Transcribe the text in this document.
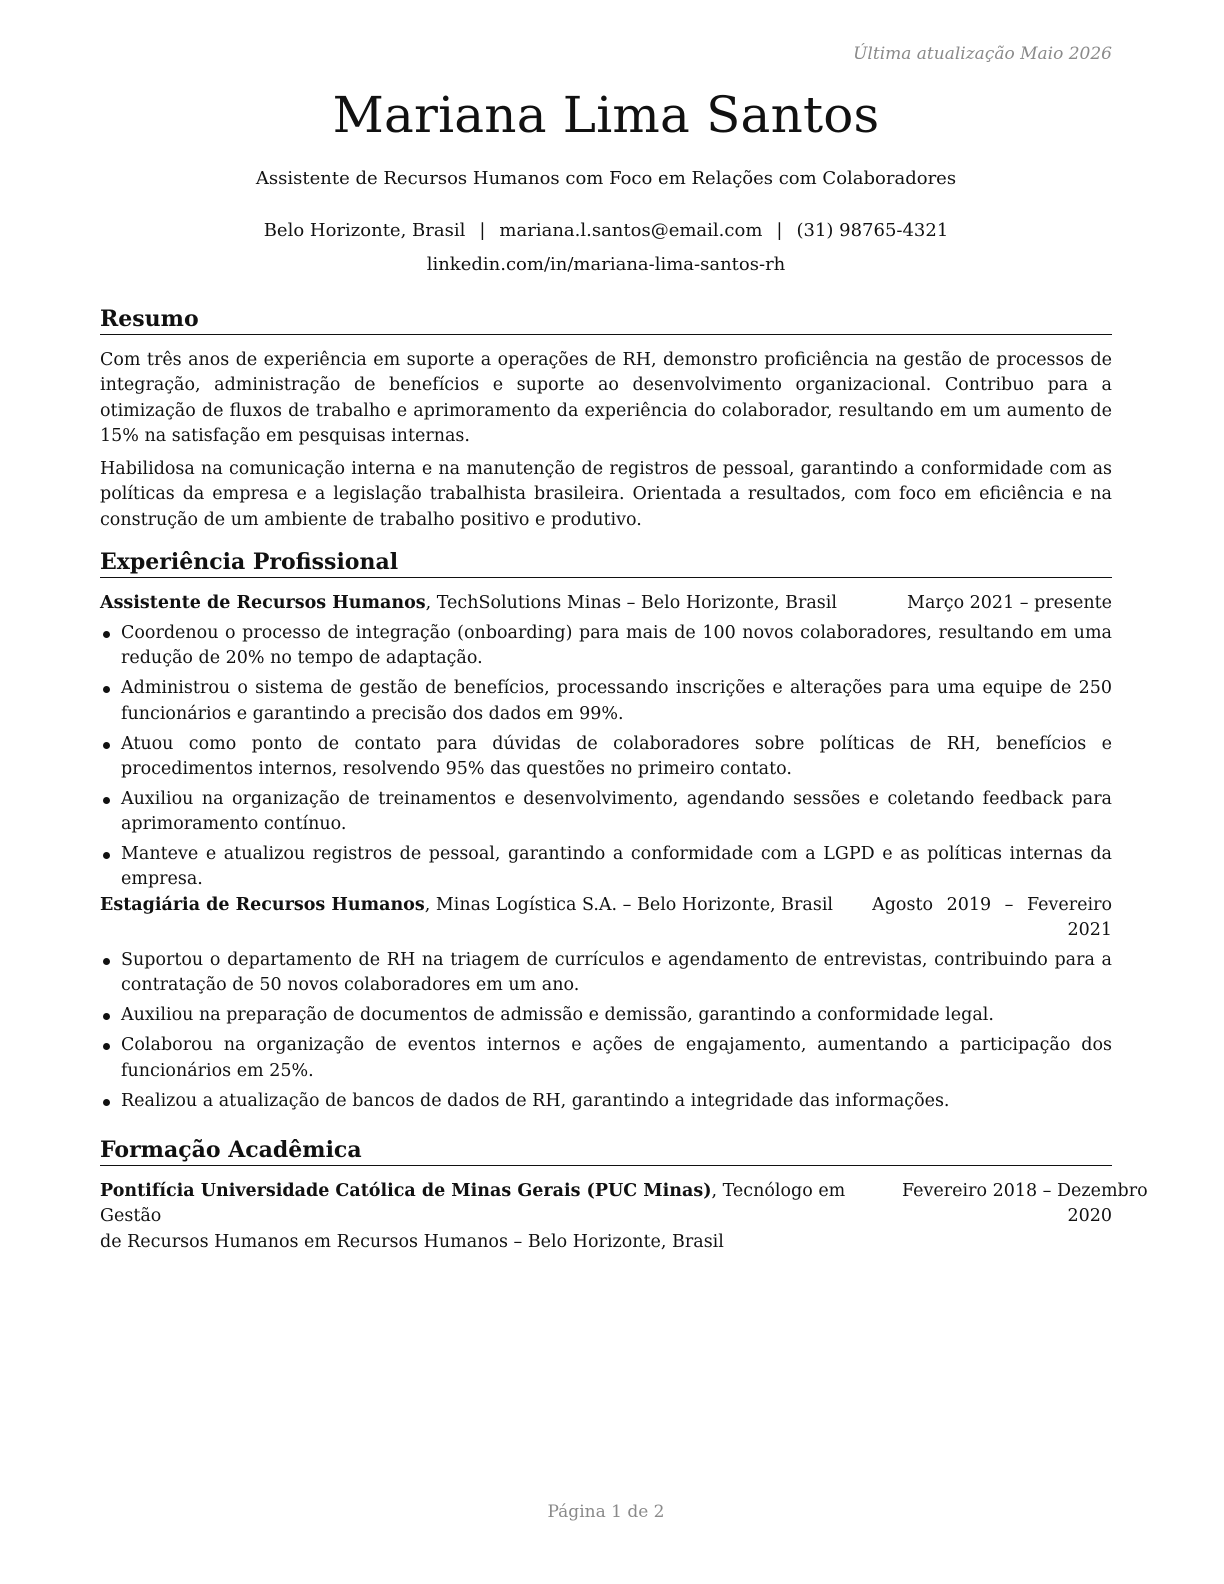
Última atualização Maio 2026
Mariana Lima Santos
Assistente de Recursos Humanos com Foco em Relações com Colaboradores
Belo Horizonte, Brasil | mariana.l.santos@email.com | (31) 98765-4321
linkedin.com/in/mariana-lima-santos-rh
Resumo
Com três anos de experiência em suporte a operações de RH, demonstro proficiência na gestão de processos de integração, administração de benefícios e suporte ao desenvolvimento organizacional. Contribuo para a otimização de fluxos de trabalho e aprimoramento da experiência do colaborador, resultando em um aumento de 15% na satisfação em pesquisas internas.
Habilidosa na comunicação interna e na manutenção de registros de pessoal, garantindo a conformidade com as políticas da empresa e a legislação trabalhista brasileira. Orientada a resultados, com foco em eficiência e na construção de um ambiente de trabalho positivo e produtivo.
Experiência Profissional
Assistente de Recursos Humanos, TechSolutions Minas – Belo Horizonte, Brasil	Março 2021 – presente
Coordenou o processo de integração (onboarding) para mais de 100 novos colaboradores, resultando em uma redução de 20% no tempo de adaptação.
Administrou o sistema de gestão de benefícios, processando inscrições e alterações para uma equipe de 250 funcionários e garantindo a precisão dos dados em 99%.
Atuou como ponto de contato para dúvidas de colaboradores sobre políticas de RH, benefícios e procedimentos internos, resolvendo 95% das questões no primeiro contato.
Auxiliou na organização de treinamentos e desenvolvimento, agendando sessões e coletando feedback para aprimoramento contínuo.
Manteve e atualizou registros de pessoal, garantindo a conformidade com a LGPD e as políticas internas da empresa.
Estagiária de Recursos Humanos, Minas Logística S.A. – Belo Horizonte, Brasil Agosto 2019 – Fevereiro
2021
Suportou o departamento de RH na triagem de currículos e agendamento de entrevistas, contribuindo para a contratação de 50 novos colaboradores em um ano.
Auxiliou na preparação de documentos de admissão e demissão, garantindo a conformidade legal.
Colaborou na organização de eventos internos e ações de engajamento, aumentando a participação dos funcionários em 25%.
Realizou a atualização de bancos de dados de RH, garantindo a integridade das informações.
Formação Acadêmica
Pontifícia Universidade Católica de Minas Gerais (PUC Minas), Tecnólogo em Gestão
de Recursos Humanos em Recursos Humanos – Belo Horizonte, Brasil
Fevereiro 2018 – Dezembro
2020
Página 1 de 2
